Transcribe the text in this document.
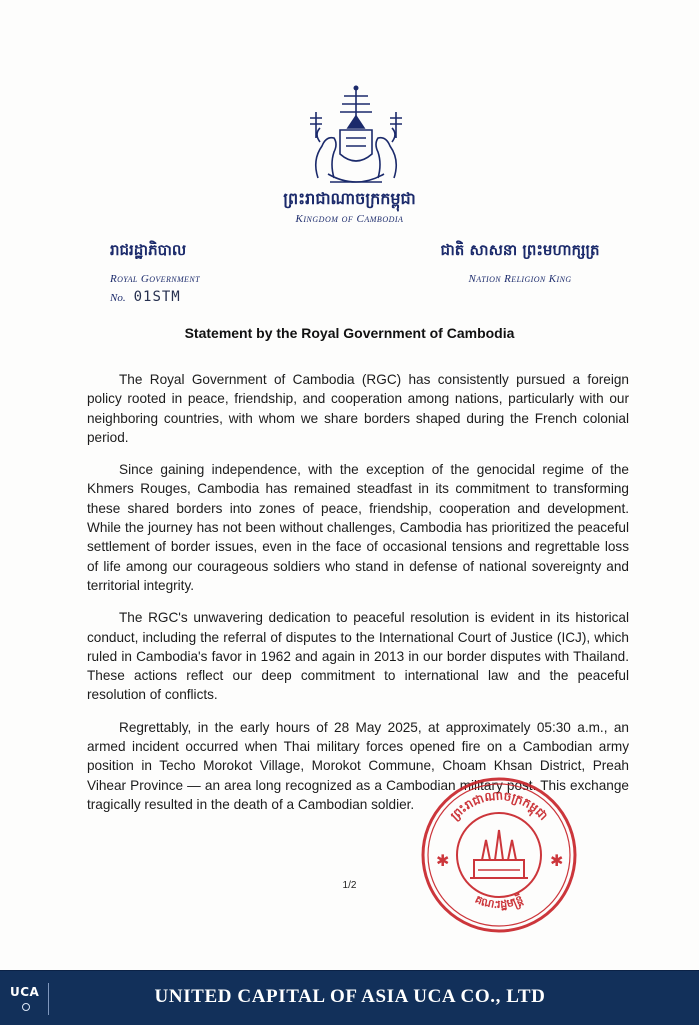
ព្រះរាជាណាចក្រកម្ពុជា
Kingdom of Cambodia
រាជរដ្ឋាភិបាល
Royal Government
No. 01STM
ជាតិ សាសនា ព្រះមហាក្សត្រ
Nation Religion King
Statement by the Royal Government of Cambodia

The Royal Government of Cambodia (RGC) has consistently pursued a foreign policy rooted in peace, friendship, and cooperation among nations, particularly with our neighboring countries, with whom we share borders shaped during the French colonial period.

Since gaining independence, with the exception of the genocidal regime of the Khmers Rouges, Cambodia has remained steadfast in its commitment to transforming these shared borders into zones of peace, friendship, cooperation and development. While the journey has not been without challenges, Cambodia has prioritized the peaceful settlement of border issues, even in the face of occasional tensions and regrettable loss of life among our courageous soldiers who stand in defense of national sovereignty and territorial integrity.

The RGC's unwavering dedication to peaceful resolution is evident in its historical conduct, including the referral of disputes to the International Court of Justice (ICJ), which ruled in Cambodia's favor in 1962 and again in 2013 in our border disputes with Thailand. These actions reflect our deep commitment to international law and the peaceful resolution of conflicts.

Regrettably, in the early hours of 28 May 2025, at approximately 05:30 a.m., an armed incident occurred when Thai military forces opened fire on a Cambodian army position in Techo Morokot Village, Morokot Commune, Choam Khsan District, Preah Vihear Province — an area long recognized as a Cambodian military post. This exchange tragically resulted in the death of a Cambodian soldier.	ព្រះរាជាណាចក្រកម្ពុជា
គណៈរដ្ឋមន្ត្រី
✱	✱
1/2
UCA	UNITED CAPITAL OF ASIA UCA CO., LTD
